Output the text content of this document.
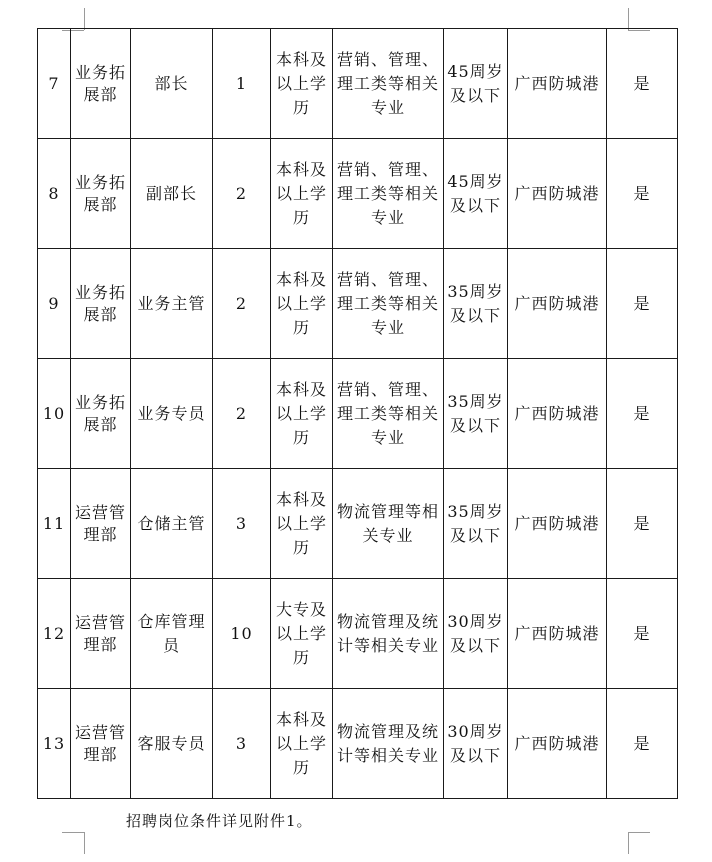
7	业务拓展部	部长	1	本科及以上学历	营销、管理、理工类等相关专业	45周岁及以下	广西防城港	是
8	业务拓展部	副部长	2	本科及以上学历	营销、管理、理工类等相关专业	45周岁及以下	广西防城港	是
9	业务拓展部	业务主管	2	本科及以上学历	营销、管理、理工类等相关专业	35周岁及以下	广西防城港	是
10	业务拓展部	业务专员	2	本科及以上学历	营销、管理、理工类等相关专业	35周岁及以下	广西防城港	是
11	运营管理部	仓储主管	3	本科及以上学历	物流管理等相关专业	35周岁及以下	广西防城港	是
12	运营管理部	仓库管理员	10	大专及以上学历	物流管理及统计等相关专业	30周岁及以下	广西防城港	是
13	运营管理部	客服专员	3	本科及以上学历	物流管理及统计等相关专业	30周岁及以下	广西防城港	是
招聘岗位条件详见附件1。
